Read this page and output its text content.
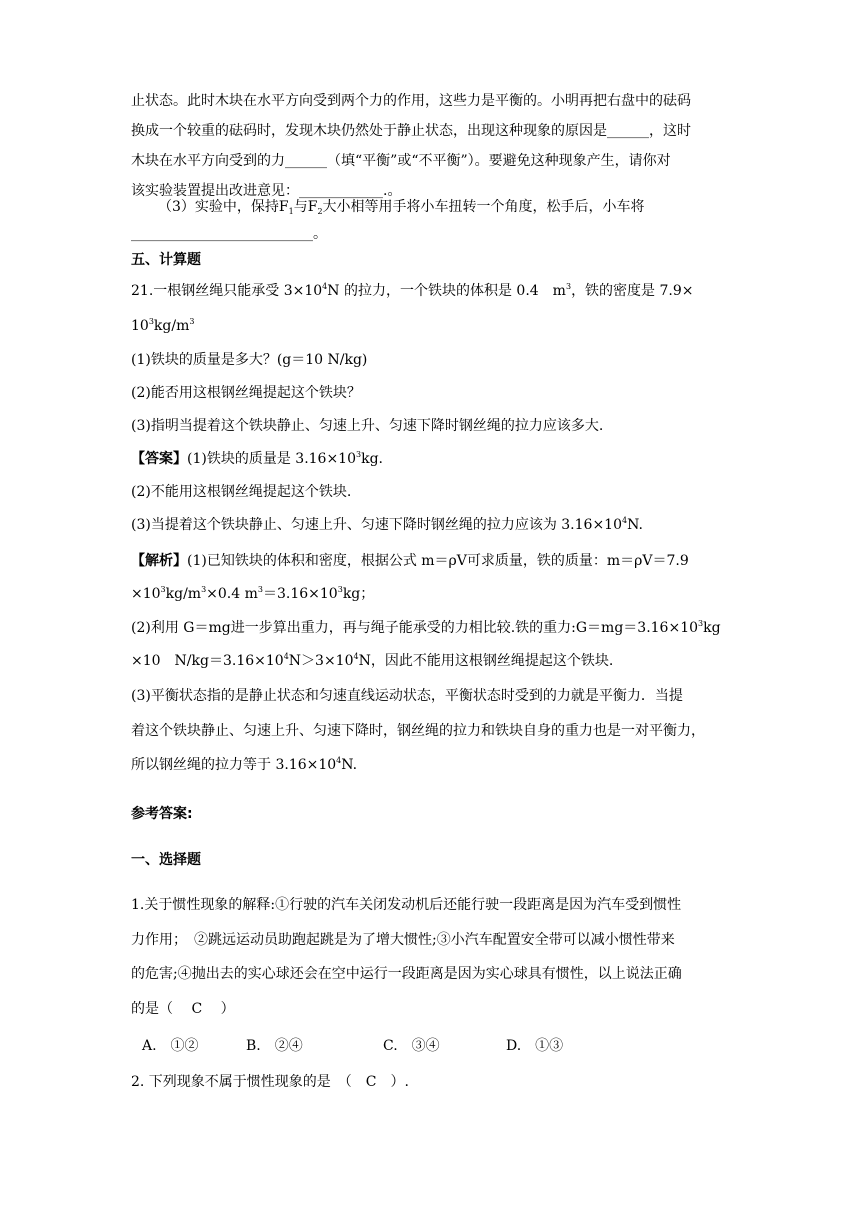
止状态。此时木块在水平方向受到两个力的作用，这些力是平衡的。小明再把右盘中的砝码
换成一个较重的砝码时，发现木块仍然处于静止状态，出现这种现象的原因是______，这时
木块在水平方向受到的力______（填“平衡”或“不平衡”）。要避免这种现象产生，请你对
该实验装置提出改进意见：____________.。
（3）实验中，保持$F_1$与$F_2$大小相等用手将小车扭转一个角度，松手后，小车将
__________________________。
五、计算题
21.一根钢丝绳只能承受 $3\times 10^4N$ 的拉力，一个铁块的体积是 0.4　$m^3$，铁的密度是 7.9×
$10^3kg/m^3$
(1)铁块的质量是多大？(g＝10 N/kg)
(2)能否用这根钢丝绳提起这个铁块？
(3)指明当提着这个铁块静止、匀速上升、匀速下降时钢丝绳的拉力应该多大.
【答案】(1)铁块的质量是 $3.16\times 10^3kg$.
(2)不能用这根钢丝绳提起这个铁块.
(3)当提着这个铁块静止、匀速上升、匀速下降时钢丝绳的拉力应该为 $3.16\times 10^4N$.
【解析】(1)已知铁块的体积和密度，根据公式 m＝ρV可求质量，铁的质量：m＝ρV＝7.9
$\times 10^3kg/m^3\times 0.4$ $m^3=3.16\times 10^3kg$；
(2)利用 G＝mg进一步算出重力，再与绳子能承受的力相比较.铁的重力$:G=mg=3.16\times 10^3kg$
×10　$N/kg=3.16\times 10^4N>3\times 10^4N$，因此不能用这根钢丝绳提起这个铁块.
(3)平衡状态指的是静止状态和匀速直线运动状态，平衡状态时受到的力就是平衡力．当提
着这个铁块静止、匀速上升、匀速下降时，钢丝绳的拉力和铁块自身的重力也是一对平衡力，
所以钢丝绳的拉力等于 $3.16\times 10^4N$.
参考答案:
一、选择题
1.关于惯性现象的解释:①行驶的汽车关闭发动机后还能行驶一段距离是因为汽车受到惯性
力作用；　②跳远运动员助跑起跳是为了增大惯性;③小汽车配置安全带可以减小惯性带来
的危害;④抛出去的实心球还会在空中运行一段距离是因为实心球具有惯性，以上说法正确
的是（　 C　 ）
A.　①②	B.　②④	C.　③④	D.　①③
2. 下列现象不属于惯性现象的是　（　C　）.
